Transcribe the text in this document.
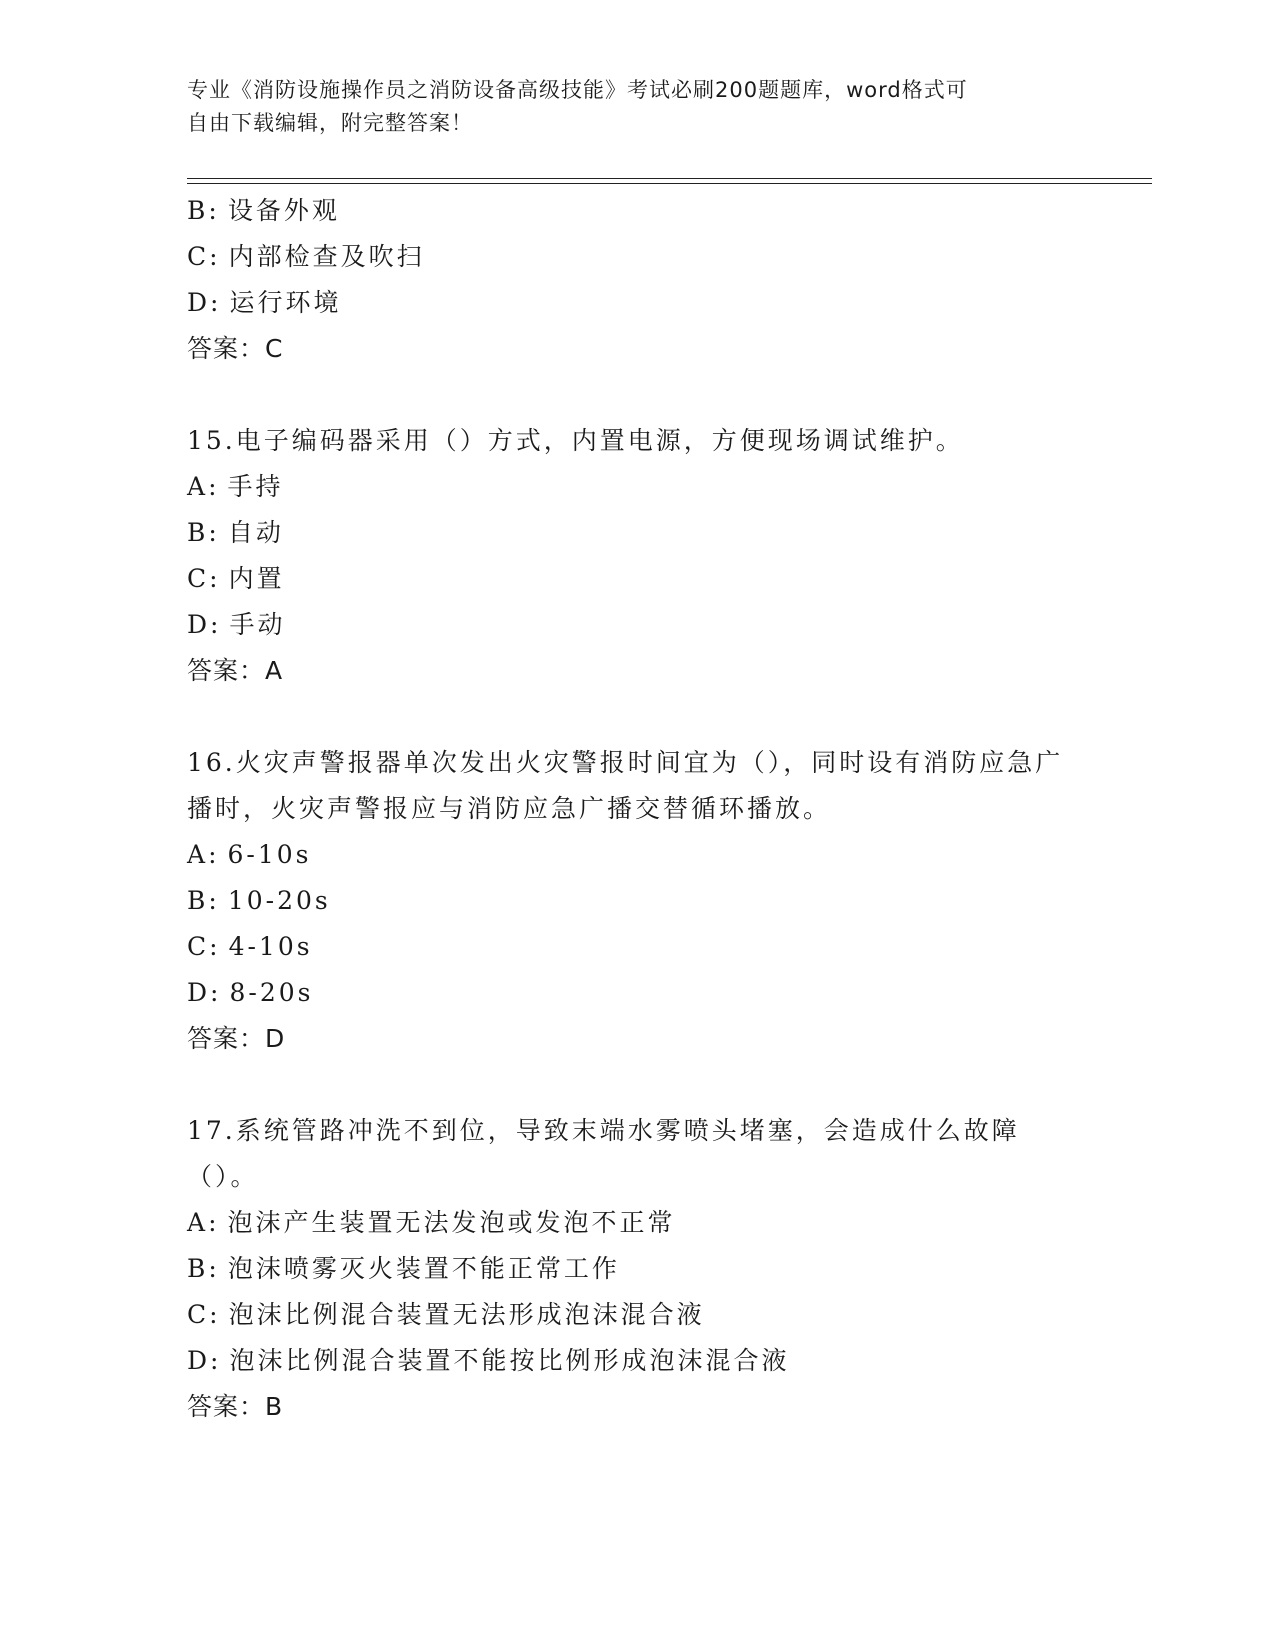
专业《消防设施操作员之消防设备高级技能》考试必刷200题题库，word格式可
自由下载编辑，附完整答案！
B: 设备外观
C: 内部检查及吹扫
D: 运行环境
答案：C
15.电子编码器采用（）方式，内置电源，方便现场调试维护。
A: 手持
B: 自动
C: 内置
D: 手动
答案：A
16.火灾声警报器单次发出火灾警报时间宜为（），同时设有消防应急广播时，火灾声警报应与消防应急广播交替循环播放。
A: 6-10s
B: 10-20s
C: 4-10s
D: 8-20s
答案：D
17.系统管路冲洗不到位，导致末端水雾喷头堵塞，会造成什么故障（）。
A: 泡沫产生装置无法发泡或发泡不正常
B: 泡沫喷雾灭火装置不能正常工作
C: 泡沫比例混合装置无法形成泡沫混合液
D: 泡沫比例混合装置不能按比例形成泡沫混合液
答案：B
